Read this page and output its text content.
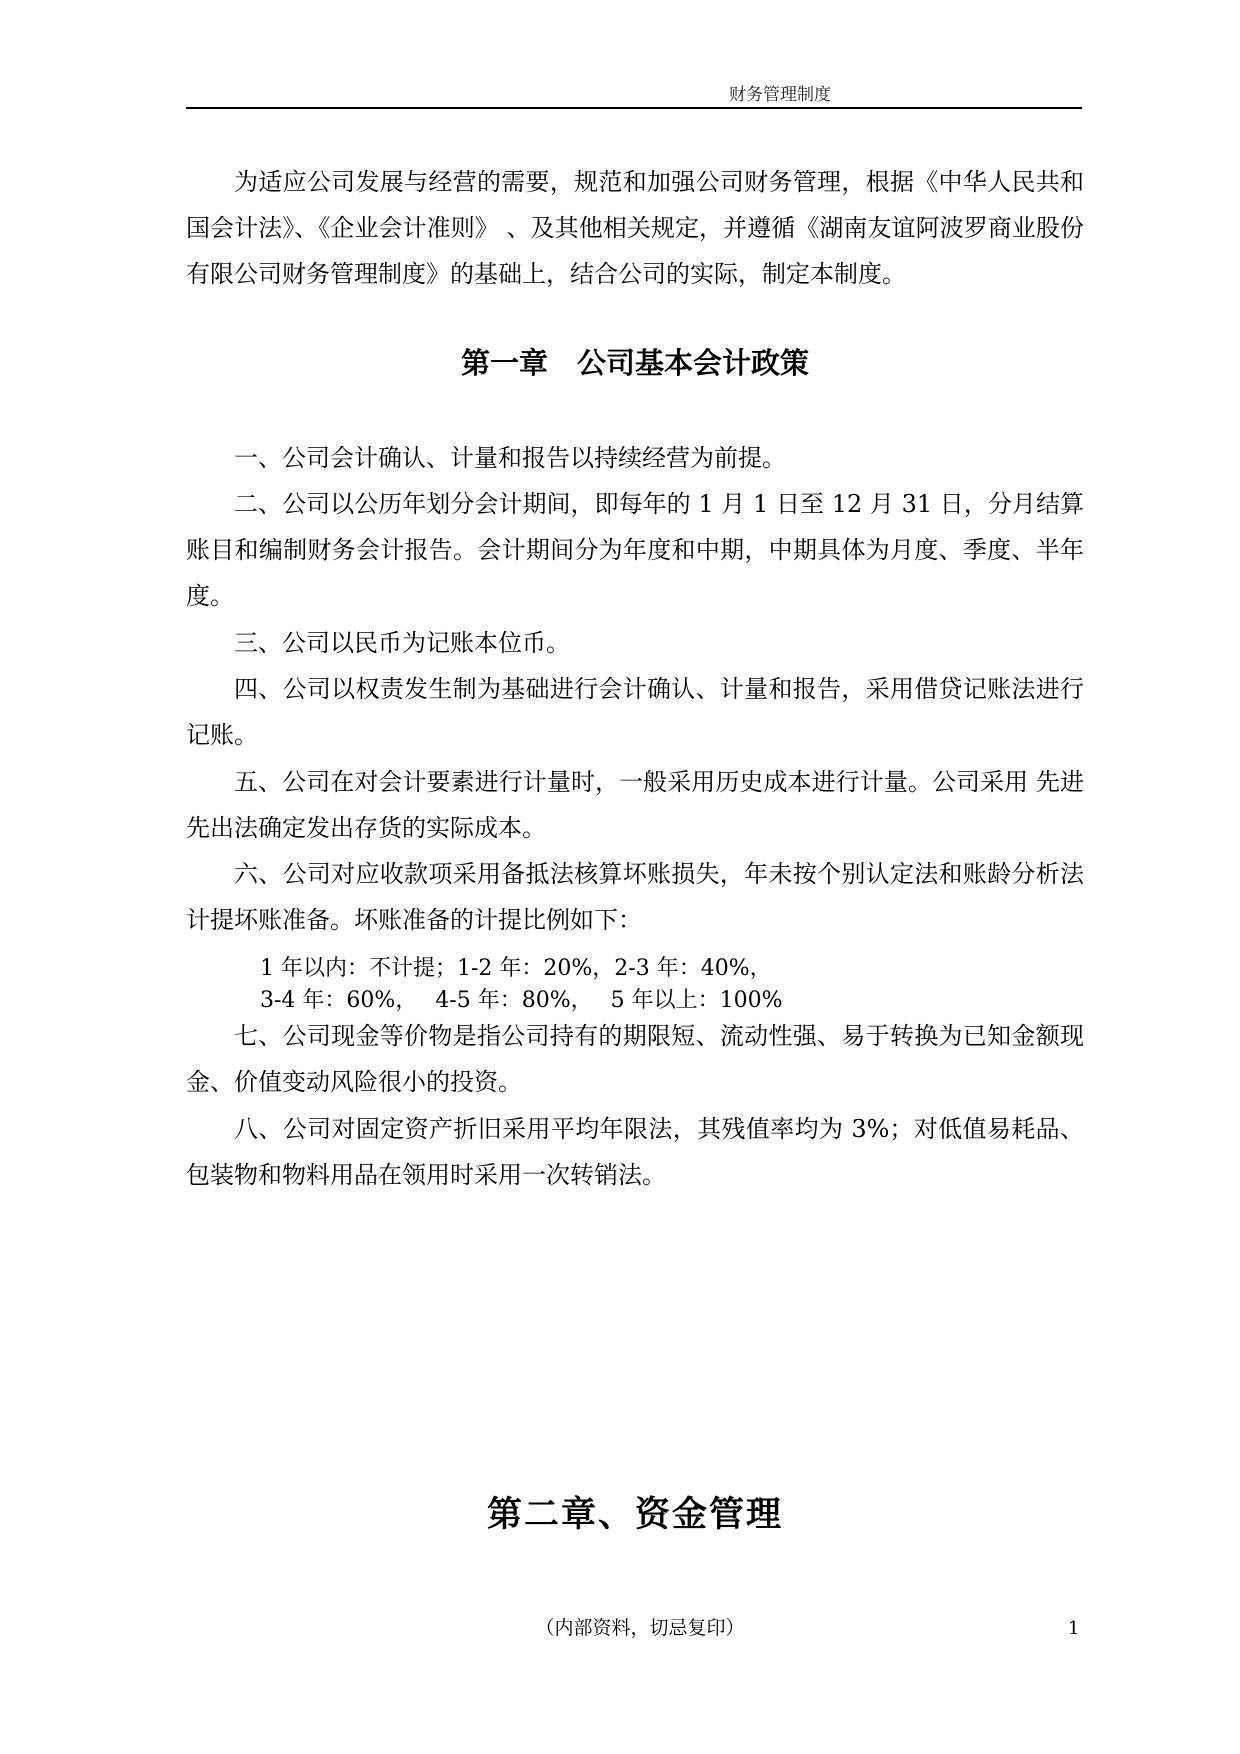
财务管理制度

为适应公司发展与经营的需要，规范和加强公司财务管理，根据《中华人民共和国会计法》、《企业会计准则》 、及其他相关规定，并遵循《湖南友谊阿波罗商业股份有限公司财务管理制度》的基础上，结合公司的实际，制定本制度。

第一章　公司基本会计政策

一、公司会计确认、计量和报告以持续经营为前提。

二、公司以公历年划分会计期间，即每年的 1 月 1 日至 12 月 31 日，分月结算账目和编制财务会计报告。会计期间分为年度和中期，中期具体为月度、季度、半年度。

三、公司以民币为记账本位币。

四、公司以权责发生制为基础进行会计确认、计量和报告，采用借贷记账法进行记账。

五、公司在对会计要素进行计量时，一般采用历史成本进行计量。公司采用 先进先出法确定发出存货的实际成本。

六、公司对应收款项采用备抵法核算坏账损失，年未按个别认定法和账龄分析法计提坏账准备。坏账准备的计提比例如下：

1 年以内：不计提；1-2 年：20%，2-3 年：40%，

3-4 年：60%，　 4-5 年：80%，　 5 年以上：100%

七、公司现金等价物是指公司持有的期限短、流动性强、易于转换为已知金额现金、价值变动风险很小的投资。

八、公司对固定资产折旧采用平均年限法，其残值率均为 3%；对低值易耗品、包装物和物料用品在领用时采用一次转销法。

第二章、资金管理
（内部资料，切忌复印）	1
